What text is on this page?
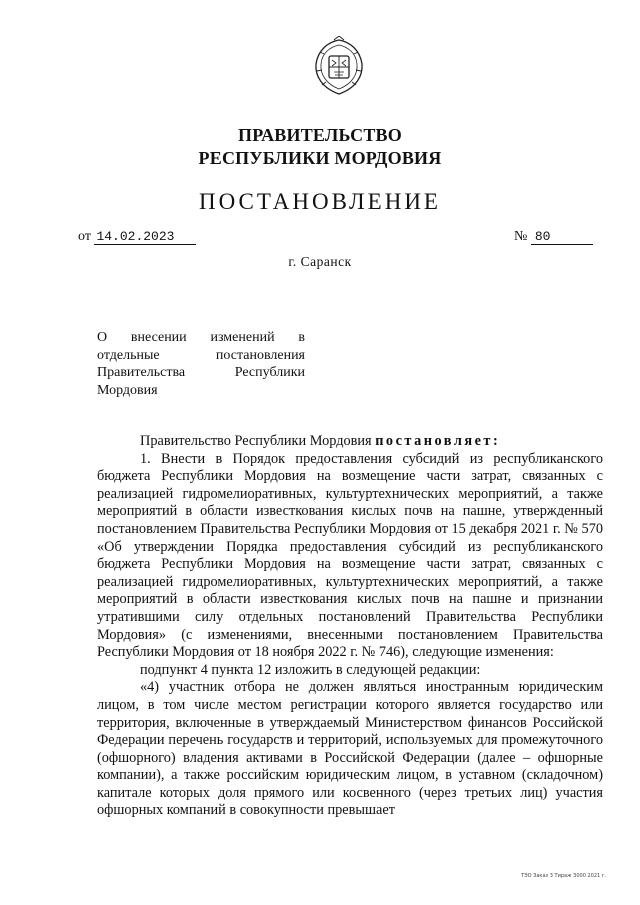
ПРАВИТЕЛЬСТВО
РЕСПУБЛИКИ МОРДОВИЯ
ПОСТАНОВЛЕНИЕ
от 14.02.2023	№ 80
г. Саранск
О внесении изменений в
отдельные постановления
Правительства Республики
Мордовия

Правительство Республики Мордовия постановляет:

1. Внести в Порядок предоставления субсидий из республиканского бюджета Республики Мордовия на возмещение части затрат, связанных с реализацией гидромелиоративных, культуртехнических мероприятий, а также мероприятий в области известкования кислых почв на пашне, утвержденный постановлением Правительства Республики Мордовия от 15 декабря 2021 г. № 570 «Об утверждении Порядка предоставления субсидий из республиканского бюджета Республики Мордовия на возмещение части затрат, связанных с реализацией гидромелиоративных, культуртехнических мероприятий, а также мероприятий в области известкования кислых почв на пашне и признании утратившими силу отдельных постановлений Правительства Республики Мордовия» (с изменениями, внесенными постановлением Правительства Республики Мордовия от 18 ноября 2022 г. № 746), следующие изменения:

подпункт 4 пункта 12 изложить в следующей редакции:

«4) участник отбора не должен являться иностранным юридическим лицом, в том числе местом регистрации которого является государство или территория, включенные в утверждаемый Министерством финансов Российской Федерации перечень государств и территорий, используемых для промежуточного (офшорного) владения активами в Российской Федерации (далее – офшорные компании), а также российским юридическим лицом, в уставном (складочном) капитале которых доля прямого или косвенного (через третьих лиц) участия офшорных компаний в совокупности превышает

ТЭО Заказ 3 Тираж 3000 2021 г.
